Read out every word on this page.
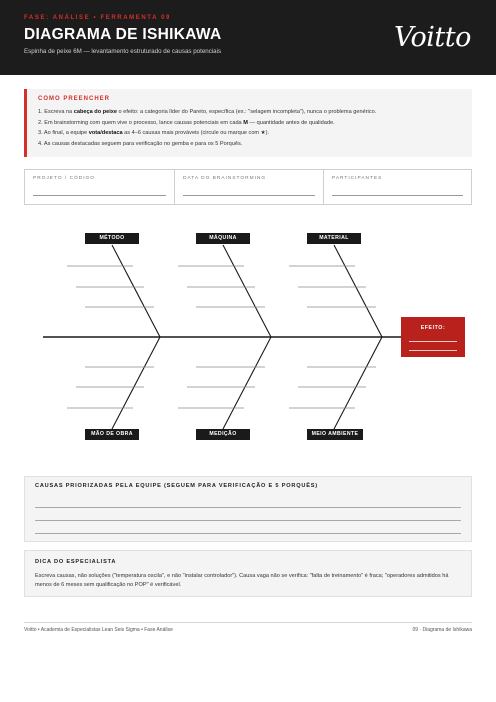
FASE: ANÁLISE • FERRAMENTA 09
DIAGRAMA DE ISHIKAWA
Espinha de peixe 6M — levantamento estruturado de causas potenciais	Voitto
COMO PREENCHER
1. Escreva na cabeça do peixe o efeito: a categoria líder do Pareto, específica (ex.: "selagem incompleta"), nunca o problema genérico.
2. Em brainstorming com quem vive o processo, lance causas potenciais em cada M — quantidade antes de qualidade.
3. Ao final, a equipe vota/destaca as 4–6 causas mais prováveis (circule ou marque com ★).
4. As causas destacadas seguem para verificação no gemba e para os 5 Porquês.
PROJETO / CÓDIGO	DATA DO BRAINSTORMING	PARTICIPANTES
MÉTODO	MÁQUINA	MATERIAL
MÃO DE OBRA	MEDIÇÃO	MEIO AMBIENTE
EFEITO:
CAUSAS PRIORIZADAS PELA EQUIPE (SEGUEM PARA VERIFICAÇÃO E 5 PORQUÊS)
DICA DO ESPECIALISTA
Escreva causas, não soluções ("temperatura oscila", e não "instalar controlador"). Causa vaga não se verifica: "falta de treinamento" é fraca; "operadores admitidos há menos de 6 meses sem qualificação no POP" é verificável.
Voitto • Academia de Especialistas Lean Seis Sigma • Fase Análise	09 · Diagrama de Ishikawa
